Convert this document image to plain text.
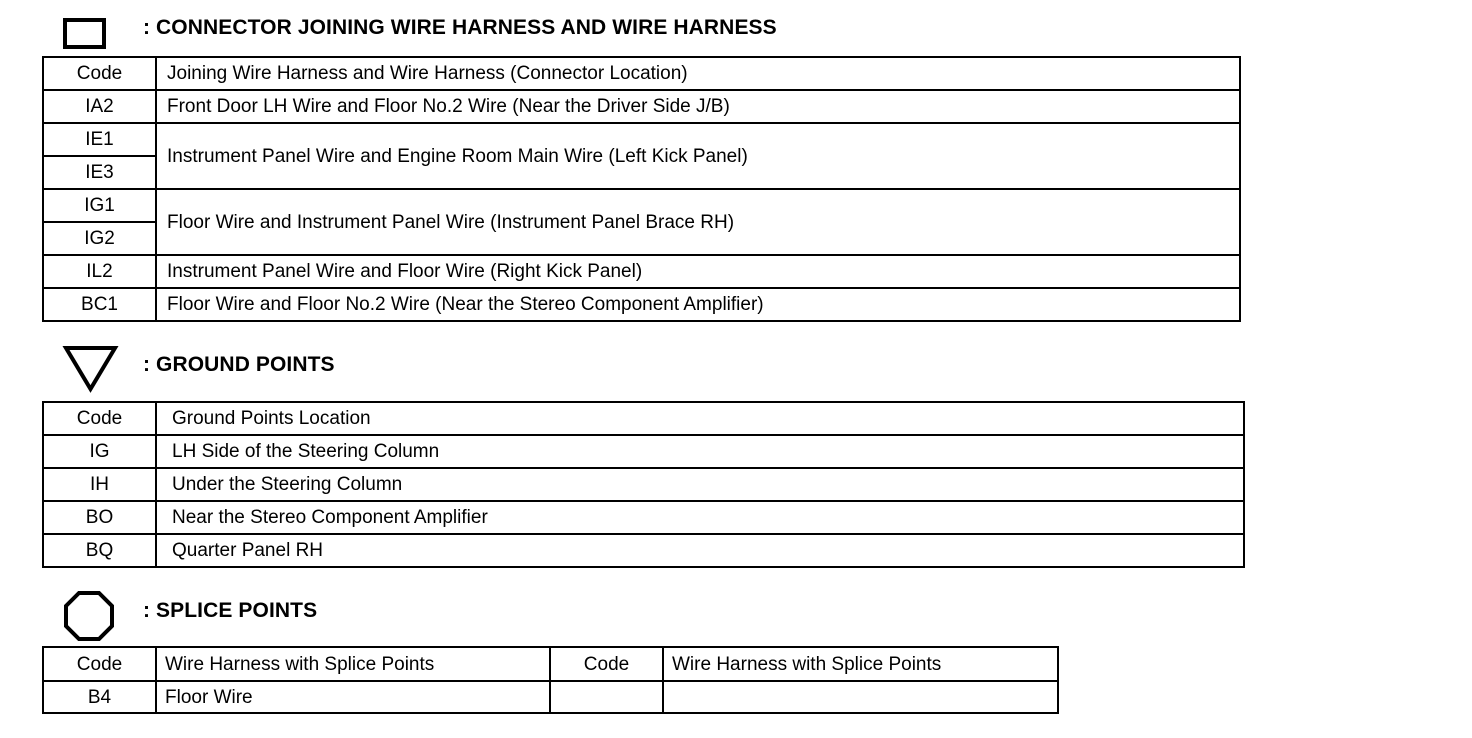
: CONNECTOR JOINING WIRE HARNESS AND WIRE HARNESS
Code	Joining Wire Harness and Wire Harness (Connector Location)
IA2	Front Door LH Wire and Floor No.2 Wire (Near the Driver Side J/B)
IE1	Instrument Panel Wire and Engine Room Main Wire (Left Kick Panel)
IE3	
IG1	Floor Wire and Instrument Panel Wire (Instrument Panel Brace RH)
IG2	
IL2	Instrument Panel Wire and Floor Wire (Right Kick Panel)
BC1	Floor Wire and Floor No.2 Wire (Near the Stereo Component Amplifier)
: GROUND POINTS
Code	Ground Points Location
IG	LH Side of the Steering Column
IH	Under the Steering Column
BO	Near the Stereo Component Amplifier
BQ	Quarter Panel RH
: SPLICE POINTS
Code	Wire Harness with Splice Points	Code	Wire Harness with Splice Points
B4	Floor Wire		
